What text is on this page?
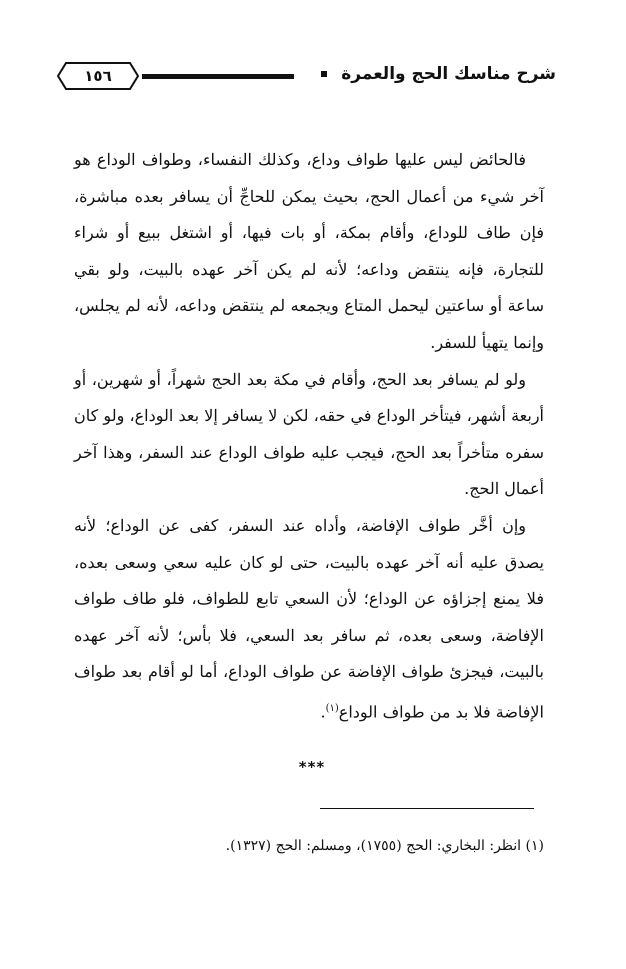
١٥٦	شرح مناسك الحج والعمرة

فالحائض ليس عليها طواف وداع، وكذلك النفساء، وطواف الوداع هو آخر شيء من أعمال الحج، بحيث يمكن للحاجِّ أن يسافر بعده مباشرة، فإن طاف للوداع، وأقام بمكة، أو بات فيها، أو اشتغل ببيع أو شراء للتجارة، فإنه ينتقض وداعه؛ لأنه لم يكن آخر عهده بالبيت، ولو بقي ساعة أو ساعتين ليحمل المتاع ويجمعه لم ينتقض وداعه، لأنه لم يجلس، وإنما يتهيأ للسفر.

ولو لم يسافر بعد الحج، وأقام في مكة بعد الحج شهراً، أو شهرين، أو أربعة أشهر، فيتأخر الوداع في حقه، لكن لا يسافر إلا بعد الوداع، ولو كان سفره متأخراً بعد الحج، فيجب عليه طواف الوداع عند السفر، وهذا آخر أعمال الحج.

وإن أخَّر طواف الإفاضة، وأداه عند السفر، كفى عن الوداع؛ لأنه يصدق عليه أنه آخر عهده بالبيت، حتى لو كان عليه سعي وسعى بعده، فلا يمنع إجزاؤه عن الوداع؛ لأن السعي تابع للطواف، فلو طاف طواف الإفاضة، وسعى بعده، ثم سافر بعد السعي، فلا بأس؛ لأنه آخر عهده بالبيت، فيجزئ طواف الإفاضة عن طواف الوداع، أما لو أقام بعد طواف الإفاضة فلا بد من طواف الوداع$^{(١)}$.

***
(١) انظر: البخاري: الحج (١٧٥٥)، ومسلم: الحج (١٣٢٧).
